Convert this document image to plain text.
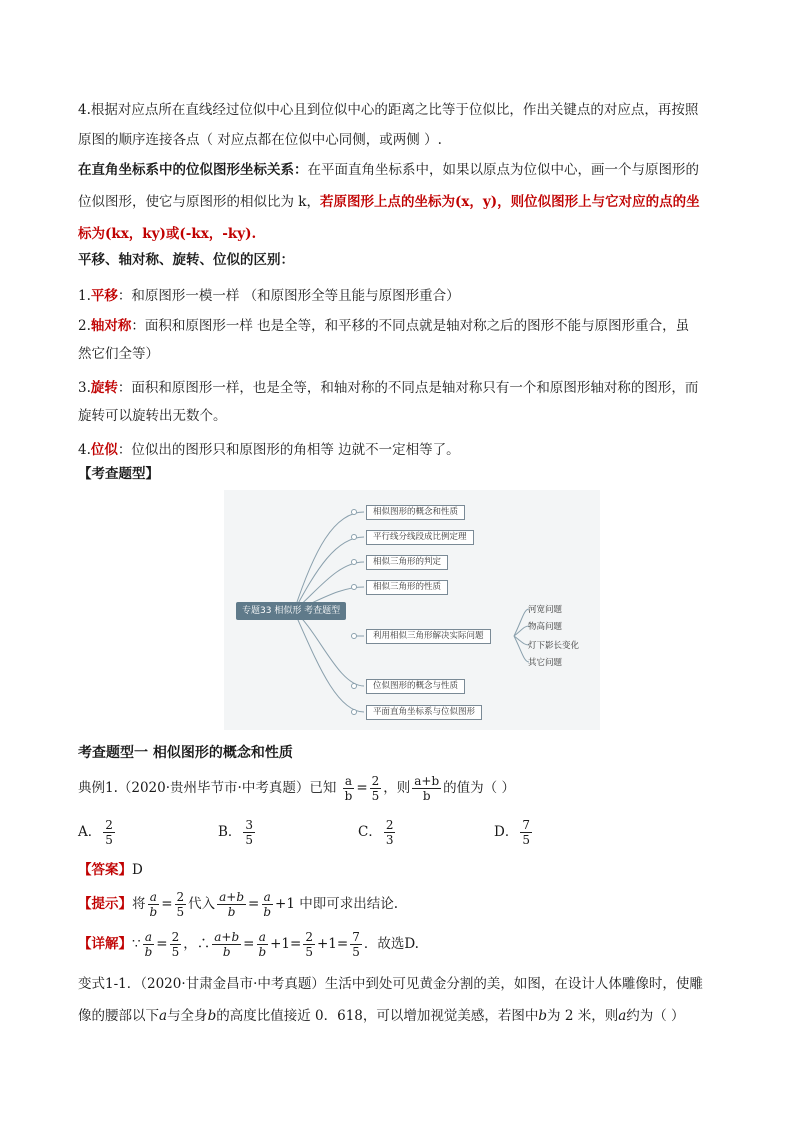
4.根据对应点所在直线经过位似中心且到位似中心的距离之比等于位似比，作出关键点的对应点，再按照

原图的顺序连接各点（ 对应点都在位似中心同侧，或两侧 ）.

在直角坐标系中的位似图形坐标关系：在平面直角坐标系中，如果以原点为位似中心，画一个与原图形的

位似图形，使它与原图形的相似比为 k，若原图形上点的坐标为(x，y)，则位似图形上与它对应的点的坐

标为(kx，ky)或(-kx，-ky).

平移、轴对称、旋转、位似的区别：

1.平移：和原图形一模一样 （和原图形全等且能与原图形重合）

2.轴对称：面积和原图形一样 也是全等，和平移的不同点就是轴对称之后的图形不能与原图形重合，虽

然它们全等）

3.旋转：面积和原图形一样，也是全等，和轴对称的不同点是轴对称只有一个和原图形轴对称的图形，而

旋转可以旋转出无数个。

4.位似：位似出的图形只和原图形的角相等 边就不一定相等了。

【考查题型】

专题33 相似形 考查题型
相似图形的概念和性质
平行线分线段成比例定理
相似三角形的判定
相似三角形的性质
利用相似三角形解决实际问题
位似图形的概念与性质
平面直角坐标系与位似图形
河宽问题
物高问题
灯下影长变化
其它问题
考查题型一 相似图形的概念和性质
典例1.（2020·贵州毕节市·中考真题）已知 $\frac{a}{b} = \frac{2}{5}$ ，则 $\frac{a+b}{b}$ 的值为（ ）
A． $\frac{2}{5}$	B． $\frac{3}{5}$	C． $\frac{2}{3}$	D． $\frac{7}{5}$

【答案】D

【提示】将 $\frac{a}{b} = \frac{2}{5}$ 代入 $\frac{a+b}{b} = \frac{a}{b} +1$ 中即可求出结论.
【详解】∵ $\frac{a}{b} = \frac{2}{5}$ ，∴ $\frac{a+b}{b} = \frac{a}{b} +1= \frac{2}{5} +1= \frac{7}{5}$ ．故选D.

变式1-1．（2020·甘肃金昌市·中考真题）生活中到处可见黄金分割的美，如图，在设计人体雕像时，使雕

像的腰部以下a与全身b的高度比值接近 0．618，可以增加视觉美感，若图中b为 2 米，则a约为（ ）
